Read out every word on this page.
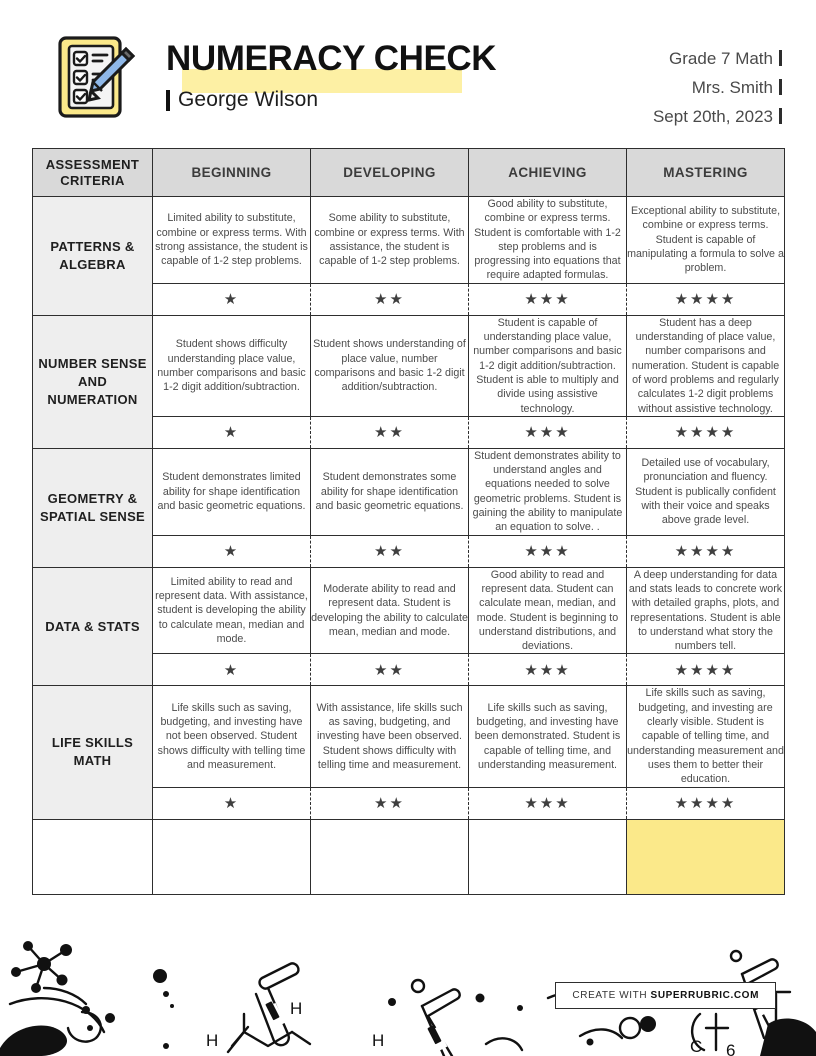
NUMERACY CHECK
George Wilson
Grade 7 Math
Mrs. Smith
Sept 20th, 2023
ASSESSMENT
CRITERIA	BEGINNING	DEVELOPING	ACHIEVING	MASTERING
PATTERNS & ALGEBRA	Limited ability to substitute, combine or express terms. With strong assistance, the student is capable of 1-2 step problems.	Some ability to substitute, combine or express terms. With assistance, the student is capable of 1-2 step problems.	Good ability to substitute, combine or express terms. Student is comfortable with 1-2 step problems and is progressing into equations that require adapted formulas.	Exceptional ability to substitute, combine or express terms. Student is capable of manipulating a formula to solve a problem.
	★	★★	★★★	★★★★
NUMBER SENSE AND NUMERATION	Student shows difficulty understanding place value, number comparisons and basic 1-2 digit addition/subtraction.	Student shows understanding of place value, number comparisons and basic 1-2 digit addition/subtraction.	Student is capable of understanding place value, number comparisons and basic 1-2 digit addition/subtraction. Student is able to multiply and divide using assistive technology.	Student has a deep understanding of place value, number comparisons and numeration. Student is capable of word problems and regularly calculates 1-2 digit problems without assistive technology.
	★	★★	★★★	★★★★
GEOMETRY & SPATIAL SENSE	Student demonstrates limited ability for shape identification and basic geometric equations.	Student demonstrates some ability for shape identification and basic geometric equations.	Student demonstrates ability to understand angles and equations needed to solve geometric problems. Student is gaining the ability to manipulate an equation to solve. .	Detailed use of vocabulary, pronunciation and fluency. Student is publically confident with their voice and speaks above grade level.
	★	★★	★★★	★★★★
DATA & STATS	Limited ability to read and represent data. With assistance, student is developing the ability to calculate mean, median and mode.	Moderate ability to read and represent data. Student is developing the ability to calculate mean, median and mode.	Good ability to read and represent data. Student can calculate mean, median, and mode. Student is beginning to understand distributions, and deviations.	A deep understanding for data and stats leads to concrete work with detailed graphs, plots, and representations. Student is able to understand what story the numbers tell.
	★	★★	★★★	★★★★
LIFE SKILLS MATH	Life skills such as saving, budgeting, and investing have not been observed. Student shows difficulty with telling time and measurement.	With assistance, life skills such as saving, budgeting, and investing have been observed. Student shows difficulty with telling time and measurement.	Life skills such as saving, budgeting, and investing have been demonstrated. Student is capable of telling time, and understanding measurement.	Life skills such as saving, budgeting, and investing are clearly visible. Student is capable of telling time, and understanding measurement and uses them to better their education.
	★	★★	★★★	★★★★

H
H	H	C 6
CREATE WITH SUPERRUBRIC.COM
